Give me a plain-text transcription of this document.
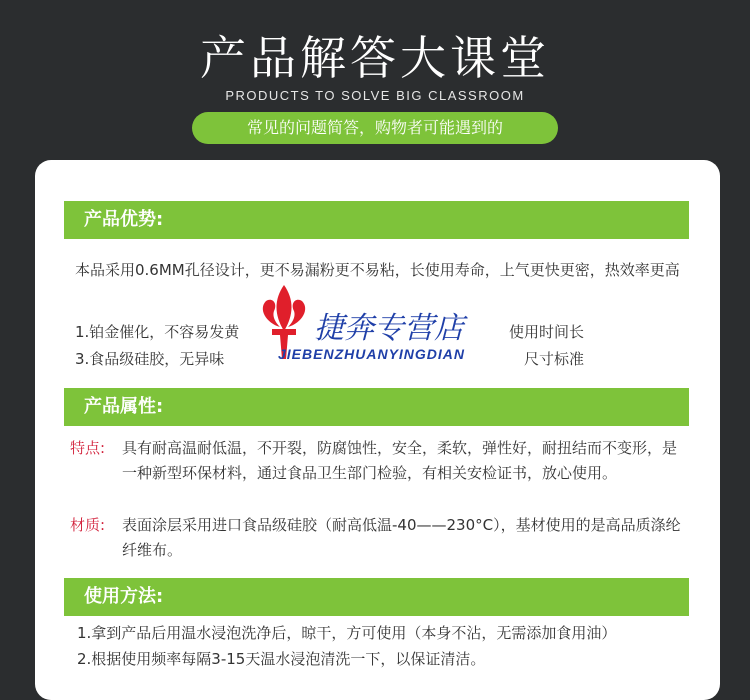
产品解答大课堂
PRODUCTS TO SOLVE BIG CLASSROOM
常见的问题简答，购物者可能遇到的
产品优势:

本品采用0.6MM孔径设计，更不易漏粉更不易粘，长使用寿命，上气更快更密，热效率更高

1.铂金催化，不容易发黄	使用时间长
3.食品级硅胶，无异味	尺寸标准
产品属性:
特点: 具有耐高温耐低温，不开裂，防腐蚀性，安全，柔软，弹性好，耐扭结而不变形，是一种新型环保材料，通过食品卫生部门检验，有相关安检证书，放心使用。
材质: 表面涂层采用进口食品级硅胶（耐高低温-40——230°C），基材使用的是高品质涤纶纤维布。
使用方法:
1.拿到产品后用温水浸泡洗净后，晾干，方可使用（本身不沾，无需添加食用油）
2.根据使用频率每隔3-15天温水浸泡清洗一下，以保证清洁。
捷奔专营店
JIEBENZHUANYINGDIAN
